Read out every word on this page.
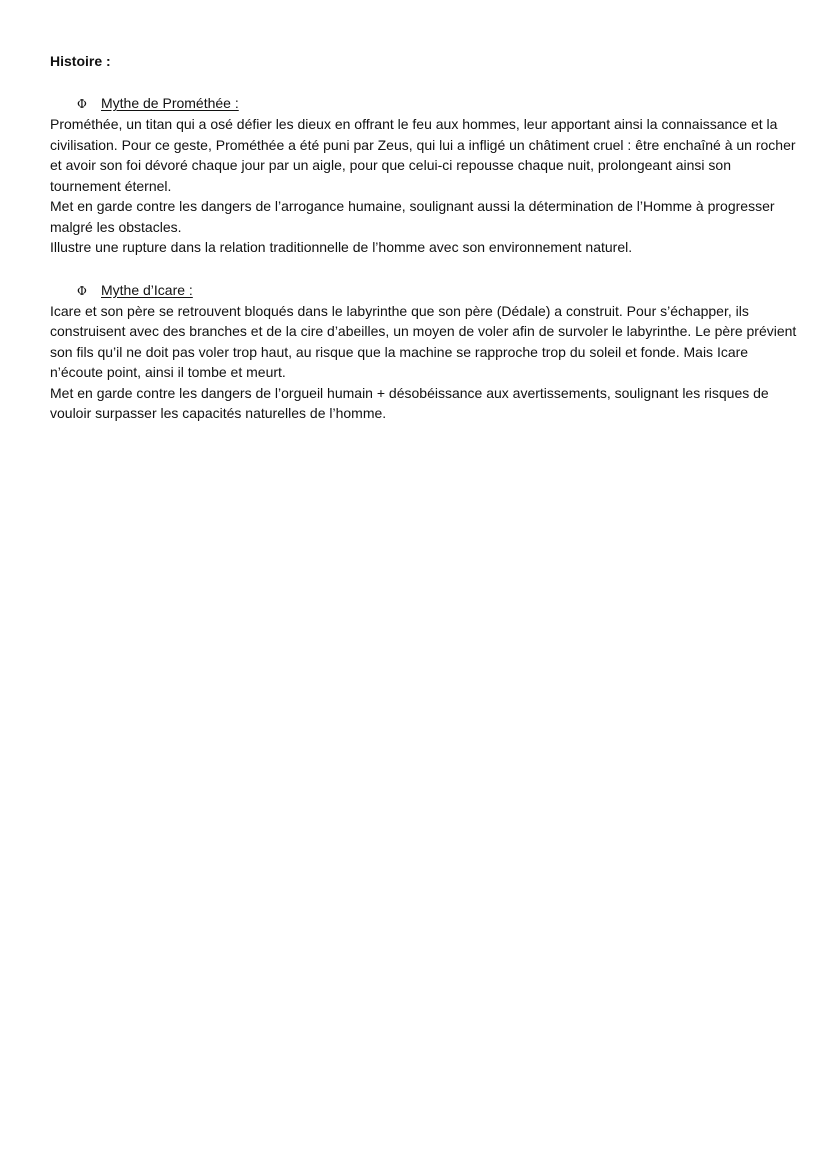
Histoire :
Φ	Mythe de Prométhée :

Prométhée, un titan qui a osé défier les dieux en offrant le feu aux hommes, leur apportant ainsi la connaissance et la civilisation. Pour ce geste, Prométhée a été puni par Zeus, qui lui a infligé un châtiment cruel : être enchaîné à un rocher et avoir son foi dévoré chaque jour par un aigle, pour que celui-ci repousse chaque nuit, prolongeant ainsi son tournement éternel.

Met en garde contre les dangers de l’arrogance humaine, soulignant aussi la détermination de l’Homme à progresser malgré les obstacles.

Illustre une rupture dans la relation traditionnelle de l’homme avec son environnement naturel.

Φ	Mythe d’Icare :

Icare et son père se retrouvent bloqués dans le labyrinthe que son père (Dédale) a construit. Pour s’échapper, ils construisent avec des branches et de la cire d’abeilles, un moyen de voler afin de survoler le labyrinthe. Le père prévient son fils qu’il ne doit pas voler trop haut, au risque que la machine se rapproche trop du soleil et fonde. Mais Icare n’écoute point, ainsi il tombe et meurt.

Met en garde contre les dangers de l’orgueil humain + désobéissance aux avertissements, soulignant les risques de vouloir surpasser les capacités naturelles de l’homme.
